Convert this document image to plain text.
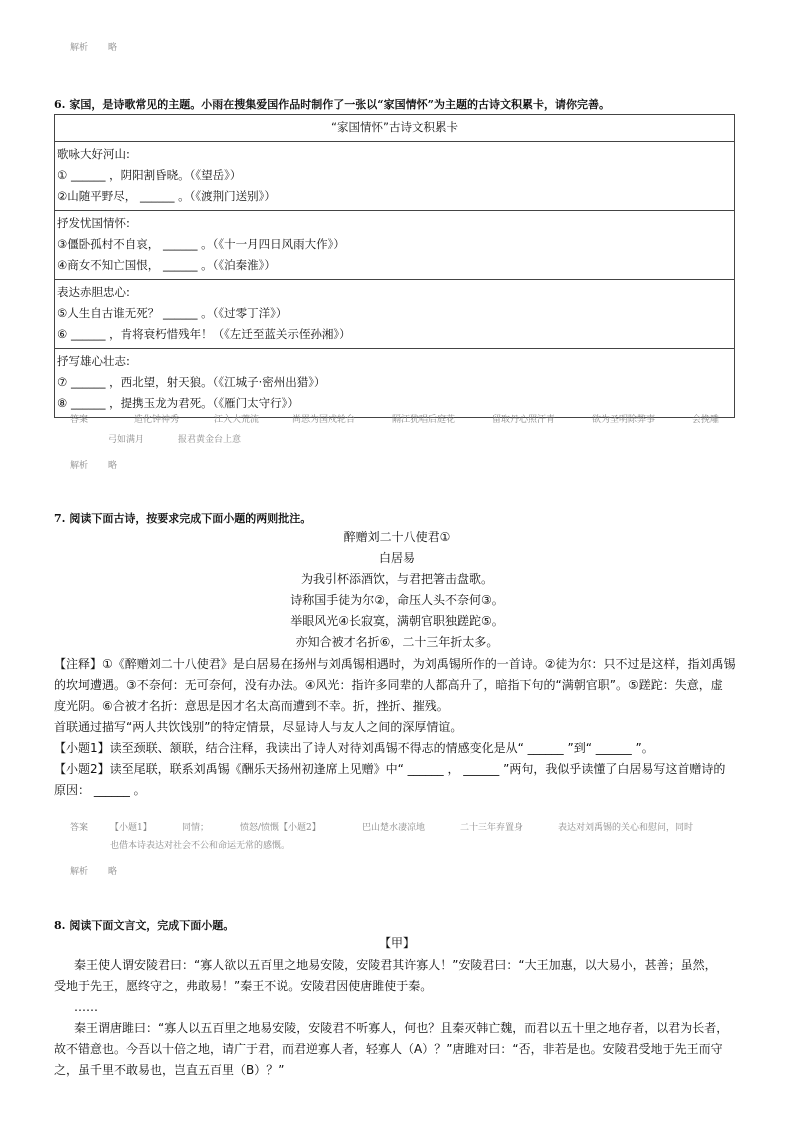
解析 略
6. 家国，是诗歌常见的主题。小雨在搜集爱国作品时制作了一张以“家国情怀”为主题的古诗文积累卡，请你完善。
“家国情怀”古诗文积累卡

歌咏大好河山:
① ______ ，阴阳割昏晓。（《望岳》）
②山随平野尽， ______ 。（《渡荆门送别》）

抒发忧国情怀:
③僵卧孤村不自哀， ______ 。（《十一月四日风雨大作》）
④商女不知亡国恨， ______ 。（《泊秦淮》）

表达赤胆忠心:
⑤人生自古谁无死？ ______ 。（《过零丁洋》）
⑥ ______ ，肯将衰朽惜残年！（《左迁至蓝关示侄孙湘》）

抒写雄心壮志:
⑦ ______ ，西北望，射天狼。（《江城子·密州出猎》）
⑧ ______ ，提携玉龙为君死。（《雁门太守行》）
答案	造化钟神秀	江入大荒流	尚思为国戍轮台	隔江犹唱后庭花	留取丹心照汗青	欲为圣明除弊事	会挽雕
弓如满月	报君黄金台上意
解析 略
7. 阅读下面古诗，按要求完成下面小题的两则批注。
醉赠刘二十八使君①
白居易
为我引杯添酒饮，与君把箸击盘歌。
诗称国手徒为尔②，命压人头不奈何③。
举眼风光④长寂寞，满朝官职独蹉跎⑤。
亦知合被才名折⑥，二十三年折太多。
【注释】①《醉赠刘二十八使君》是白居易在扬州与刘禹锡相遇时，为刘禹锡所作的一首诗。②徒为尔：只不过是这样，指刘禹锡
的坎坷遭遇。③不奈何：无可奈何，没有办法。④风光：指许多同辈的人都高升了，暗指下句的“满朝官职”。⑤蹉跎：失意，虚
度光阴。⑥合被才名折：意思是因才名太高而遭到不幸。折，挫折、摧残。
首联通过描写“两人共饮饯别”的特定情景，尽显诗人与友人之间的深厚情谊。
【小题1】读至颈联、颔联，结合注释，我读出了诗人对待刘禹锡不得志的情感变化是从“ ______ ”到“ ______ ”。
【小题2】读至尾联，联系刘禹锡《酬乐天扬州初逢席上见赠》中“ ______ ， ______ ”两句，我似乎读懂了白居易写这首赠诗的
原因： ______ 。
答案 【小题1】	同情；	愤怒/愤慨【小题2】	巴山楚水凄凉地	二十三年弃置身	表达对刘禹锡的关心和慰问，同时
也借本诗表达对社会不公和命运无常的感慨。
解析 略
8. 阅读下面文言文，完成下面小题。
【甲】
秦王使人谓安陵君曰：“寡人欲以五百里之地易安陵，安陵君其许寡人！”安陵君曰：“大王加惠，以大易小，甚善；虽然，
受地于先王，愿终守之，弗敢易！”秦王不说。安陵君因使唐雎使于秦。
……
秦王谓唐雎曰：“寡人以五百里之地易安陵，安陵君不听寡人，何也？且秦灭韩亡魏，而君以五十里之地存者，以君为长者，
故不错意也。今吾以十倍之地，请广于君，而君逆寡人者，轻寡人（A）？”唐雎对曰：“否，非若是也。安陵君受地于先王而守
之，虽千里不敢易也，岂直五百里（B）？”
